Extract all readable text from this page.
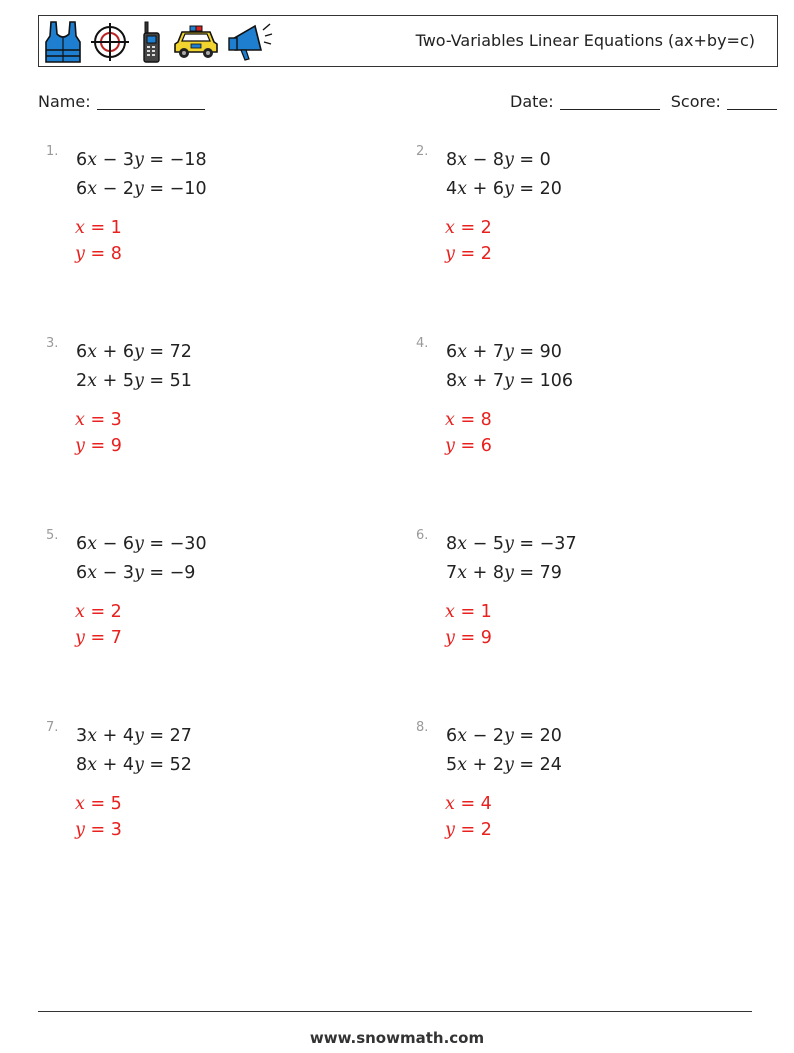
Two-Variables Linear Equations (ax+by=c)
Name:	Date:	Score:
1. 6x − 3y = −18
6x − 2y = −10
x = 1
y = 8
2. 8x − 8y = 0
4x + 6y = 20
x = 2
y = 2
3. 6x + 6y = 72
2x + 5y = 51
x = 3
y = 9
4. 6x + 7y = 90
8x + 7y = 106
x = 8
y = 6
5. 6x − 6y = −30
6x − 3y = −9
x = 2
y = 7
6. 8x − 5y = −37
7x + 8y = 79
x = 1
y = 9
7. 3x + 4y = 27
8x + 4y = 52
x = 5
y = 3
8. 6x − 2y = 20
5x + 2y = 24
x = 4
y = 2
www.snowmath.com
